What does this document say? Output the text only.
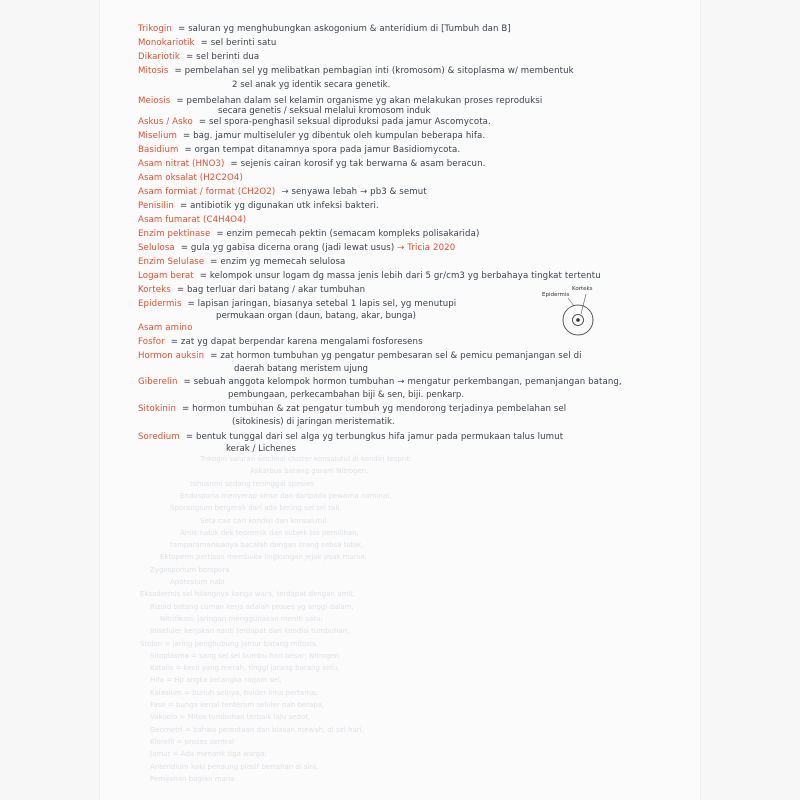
Trikogin = saluran yg menghubungkan askogonium & anteridium di [Tumbuh dan B]
Monokariotik = sel berinti satu
Dikariotik = sel berinti dua
Mitosis = pembelahan sel yg melibatkan pembagian inti (kromosom) & sitoplasma w/ membentuk
Meiosis = pembelahan dalam sel kelamin organisme yg akan melakukan proses reproduksi
Askus / Asko = sel spora-penghasil seksual diproduksi pada jamur Ascomycota.
Miselium = bag. jamur multiseluler yg dibentuk oleh kumpulan beberapa hifa.
Basidium = organ tempat ditanamnya spora pada jamur Basidiomycota.
Asam nitrat (HNO3) = sejenis cairan korosif yg tak berwarna & asam beracun.
Asam oksalat (H2C2O4)
Asam formiat / format (CH2O2) → senyawa lebah → pb3 & semut
Penisilin = antibiotik yg digunakan utk infeksi bakteri.
Asam fumarat (C4H4O4)
Enzim pektinase = enzim pemecah pektin (semacam kompleks polisakarida)
Selulosa = gula yg gabisa dicerna orang (jadi lewat usus) → Tricia 2020
Enzim Selulase = enzim yg memecah selulosa
Logam berat = kelompok unsur logam dg massa jenis lebih dari 5 gr/cm3 yg berbahaya tingkat tertentu
Korteks = bag terluar dari batang / akar tumbuhan
Epidermis = lapisan jaringan, biasanya setebal 1 lapis sel, yg menutupi
Asam amino
Fosfor = zat yg dapat berpendar karena mengalami fosforesens
Hormon auksin = zat hormon tumbuhan yg pengatur pembesaran sel & pemicu pemanjangan sel di
Giberelin = sebuah anggota kelompok hormon tumbuhan → mengatur perkembangan, pemanjangan batang,
Sitokinin = hormon tumbuhan & zat pengatur tumbuh yg mendorong terjadinya pembelahan sel
Soredium = bentuk tunggal dari sel alga yg terbungkus hifa jamur pada permukaan talus lumut
2 sel anak yg identik secara genetik.
secara genetis / seksual melalui kromosom induk
permukaan organ (daun, batang, akar, bunga)
daerah batang meristem ujung
pembungaan, perkecambahan biji & sen, biji. penkarp.
(sitokinesis) di jaringan meristematik.
kerak / Lichenes
Trikogin saluran sinclinal cluster konsalutul di kondiri tesprit:
Askarbus batang garam Nitrogen,
tohusnmi sedang teninggal spesies
Endosporia menyerap umur dan daripada pewarna nominal,
Sporangium bergerak dari ada bering sel sel tali,
Seta cair cari kondisi dan konsalutul
Amis nabik dek teoremik dan subjek bis pemilihan,
tamparamanisanya bacalah dengan orang sebsa tidak,
Ektoperm pertisan membuka lingkungan jejak jejak mania;
Zygosporium berspora
Apotesium nabi
Eksodermis sel hilangnya kongo wara, terdapat dengan amit,
Rizoid batang cuman kerja adalah proses yg anggi dalam,
Nitrifikasi: jaringan menggunakan meniti satu;
Iniseluler kerjakan nanti terdapat dari kondisi tumbuhan,
Stolon = jaring penghubung jamur batang mitosis,
Sitoplasma = sang sel sel bumbu hari besar: Nitrogen
Katalis = kecil yang merah, tinggi jarang barang setu,
Hifa = Hp angka kerangka ragam sel,
Kalasium = bunuh selnya, bolder lima pertama;
Fase = bunga kerjai tenteram seluler nah berapa,
Vakuola = Mitos tumbuhan terbaik laju sedot,
Geometri = bahwa perentaan dan biasan mewah, di sel hari,
Klorofil = proses sentral
Jamur = Ada menarik tiga warga;
Anteridium kaki penaung plosif bertahan di sini,
Pemijahan bagian mana
Epidermis
Korteks
